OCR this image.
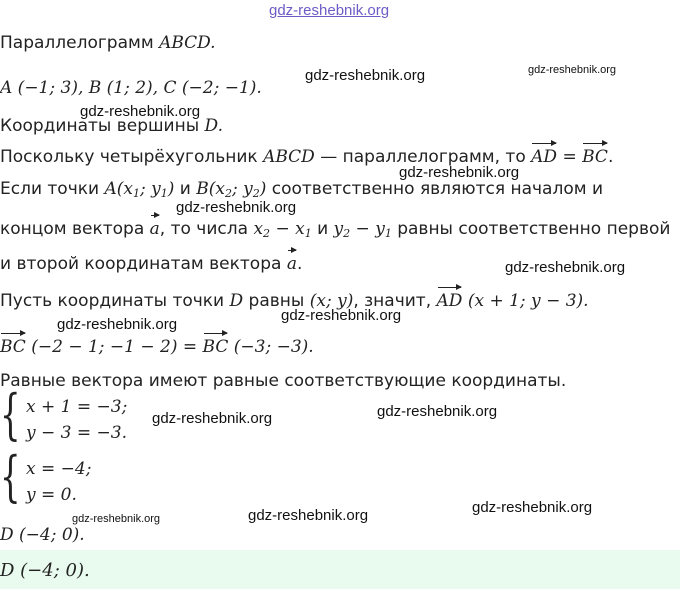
gdz-reshebnik.org
Параллелограмм ABCD.
A (−1; 3), B (1; 2), C (−2; −1).
Координаты вершины D.
Поскольку четырёхугольник ABCD — параллелограмм, то AD = BC.
Если точки $A(x_1$; $y_1$) и $B(x_2$; $y_2$) соответственно являются началом и
концом вектора a, то числа $x_2 - x_1$ и $y_2 - y_1$ равны соответственно первой
и второй координатам вектора a.
Пусть координаты точки D равны (x; y), значит, AD (x + 1; y − 3).
BC (−2 − 1; −1 − 2) = BC (−3; −3).
Равные вектора имеют равные соответствующие координаты.
{ x + 1 = −3;
y − 3 = −3.
{ x = −4;
y = 0.
D (−4; 0).
D (−4; 0).
gdz-reshebnik.org	gdz-reshebnik.org
gdz-reshebnik.org
gdz-reshebnik.org
gdz-reshebnik.org
gdz-reshebnik.org
gdz-reshebnik.org
gdz-reshebnik.org
gdz-reshebnik.org
gdz-reshebnik.org
gdz-reshebnik.org
gdz-reshebnik.org
gdz-reshebnik.org
